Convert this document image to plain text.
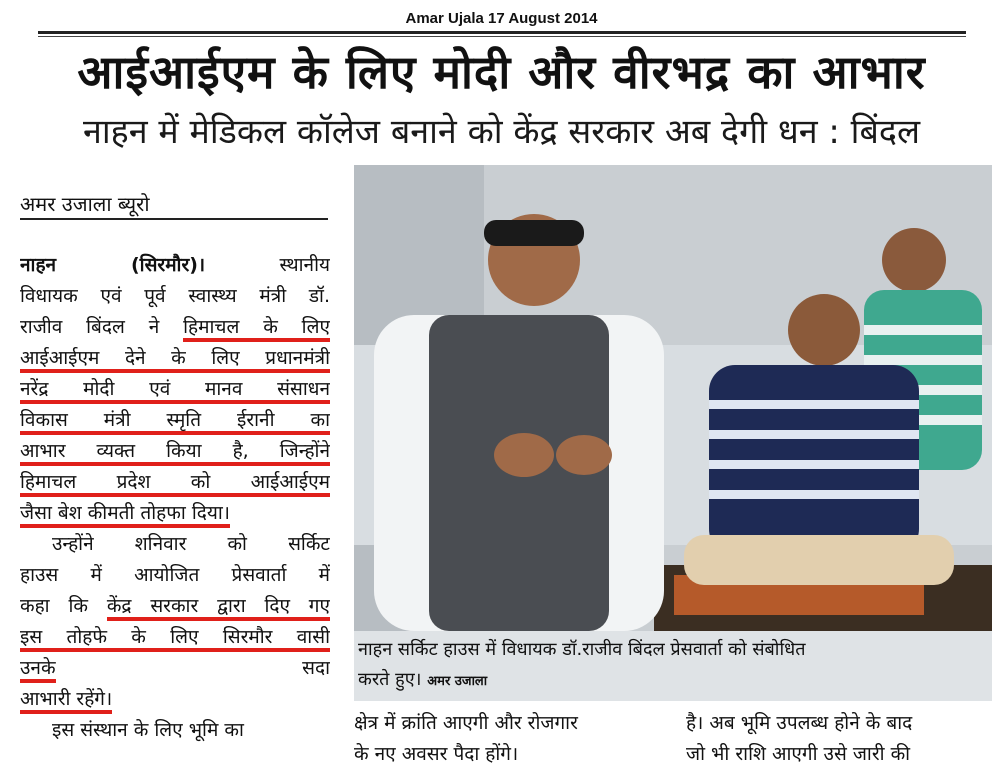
Amar Ujala 17 August 2014
आईआईएम के लिए मोदी और वीरभद्र का आभार
नाहन में मेडिकल कॉलेज बनाने को केंद्र सरकार अब देगी धन : बिंदल
अमर उजाला ब्यूरो
नाहन (सिरमौर)।	स्थानीय
विधायक एवं पूर्व स्वास्थ्य मंत्री डॉ.
राजीव बिंदल ने हिमाचल के लिए
आईआईएम देने के लिए प्रधानमंत्री
नरेंद्र मोदी एवं मानव संसाधन
विकास मंत्री स्मृति ईरानी का
आभार व्यक्त किया है, जिन्होंने
हिमाचल प्रदेश को आईआईएम
जैसा बेश कीमती तोहफा दिया।
उन्होंने शनिवार को सर्किट
हाउस में आयोजित प्रेसवार्ता में
कहा कि केंद्र सरकार द्वारा दिए गए
इस तोहफे के लिए सिरमौर वासी
उनके	सदा
आभारी रहेंगे।
इस संस्थान के लिए भूमि का
नाहन सर्किट हाउस में विधायक डॉ.राजीव बिंदल प्रेसवार्ता को संबोधित
करते हुए। अमर उजाला
क्षेत्र में क्रांति आएगी और रोजगार
के नए अवसर पैदा होंगे।
है। अब भूमि उपलब्ध होने के बाद
जो भी राशि आएगी उसे जारी की
